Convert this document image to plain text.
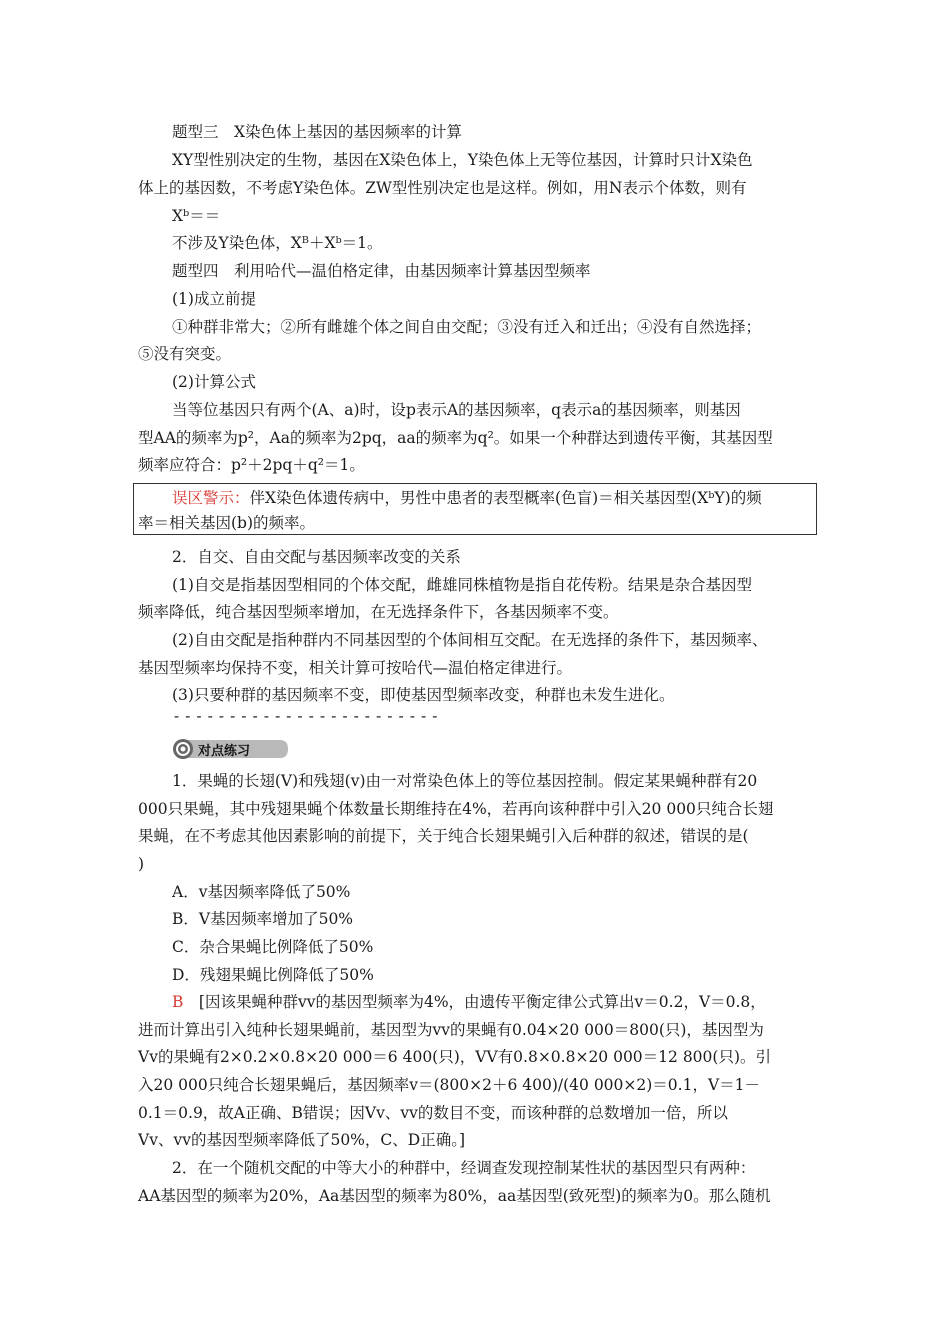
题型三　X染色体上基因的基因频率的计算
XY型性别决定的生物，基因在X染色体上，Y染色体上无等位基因，计算时只计X染色
体上的基因数，不考虑Y染色体。ZW型性别决定也是这样。例如，用N表示个体数，则有
Xᵇ＝＝
不涉及Y染色体，Xᴮ＋Xᵇ＝1。
题型四　利用哈代—温伯格定律，由基因频率计算基因型频率
(1)成立前提
①种群非常大；②所有雌雄个体之间自由交配；③没有迁入和迁出；④没有自然选择；
⑤没有突变。
(2)计算公式
当等位基因只有两个(A、a)时，设p表示A的基因频率，q表示a的基因频率，则基因
型AA的频率为p²，Aa的频率为2pq，aa的频率为q²。如果一个种群达到遗传平衡，其基因型
频率应符合：p²＋2pq＋q²＝1。
误区警示：伴X染色体遗传病中，男性中患者的表型概率(色盲)＝相关基因型(XᵇY)的频
率＝相关基因(b)的频率。
2．自交、自由交配与基因频率改变的关系
(1)自交是指基因型相同的个体交配，雌雄同株植物是指自花传粉。结果是杂合基因型
频率降低，纯合基因型频率增加，在无选择条件下，各基因频率不变。
(2)自由交配是指种群内不同基因型的个体间相互交配。在无选择的条件下，基因频率、
基因型频率均保持不变，相关计算可按哈代—温伯格定律进行。
(3)只要种群的基因频率不变，即使基因型频率改变，种群也未发生进化。
------------------------
对点练习
1．果蝇的长翅(V)和残翅(v)由一对常染色体上的等位基因控制。假定某果蝇种群有20
000只果蝇，其中残翅果蝇个体数量长期维持在4%，若再向该种群中引入20 000只纯合长翅
果蝇，在不考虑其他因素影响的前提下，关于纯合长翅果蝇引入后种群的叙述，错误的是(
)
A．v基因频率降低了50%
B．V基因频率增加了50%
C．杂合果蝇比例降低了50%
D．残翅果蝇比例降低了50%
B　[因该果蝇种群vv的基因型频率为4%，由遗传平衡定律公式算出v＝0.2，V＝0.8，
进而计算出引入纯种长翅果蝇前，基因型为vv的果蝇有0.04×20 000＝800(只)，基因型为
Vv的果蝇有2×0.2×0.8×20 000＝6 400(只)，VV有0.8×0.8×20 000＝12 800(只)。引
入20 000只纯合长翅果蝇后，基因频率v＝(800×2＋6 400)/(40 000×2)＝0.1，V＝1－
0.1＝0.9，故A正确、B错误；因Vv、vv的数目不变，而该种群的总数增加一倍，所以
Vv、vv的基因型频率降低了50%，C、D正确。]
2．在一个随机交配的中等大小的种群中，经调查发现控制某性状的基因型只有两种：
AA基因型的频率为20%，Aa基因型的频率为80%，aa基因型(致死型)的频率为0。那么随机
